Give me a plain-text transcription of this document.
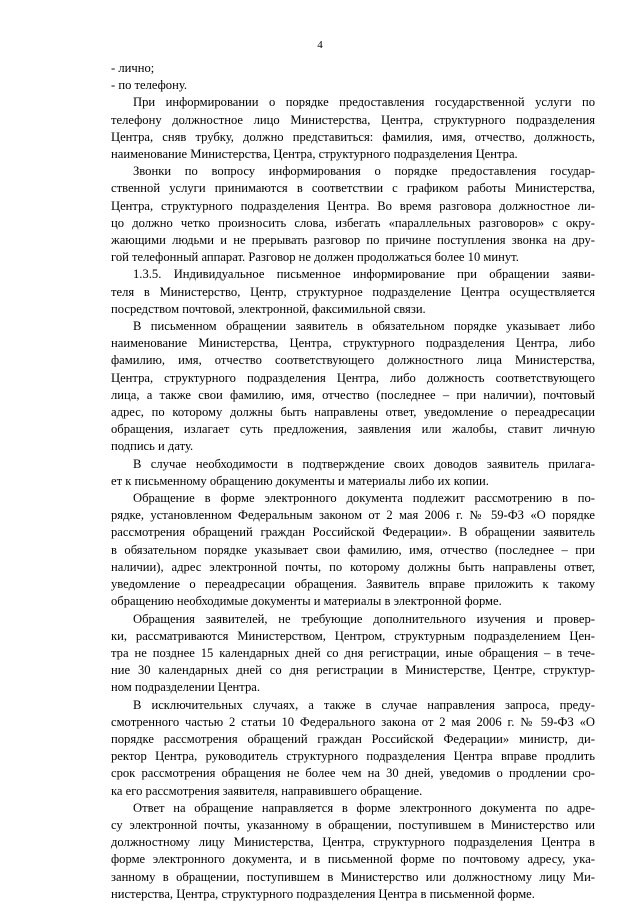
4

- лично;

- по телефону.

При информировании о порядке предоставления государственной услуги по
телефону должностное лицо Министерства, Центра, структурного подразделения
Центра, сняв трубку, должно представиться: фамилия, имя, отчество, должность,
наименование Министерства, Центра, структурного подразделения Центра.

Звонки по вопросу информирования о порядке предоставления государ-
ственной услуги принимаются в соответствии с графиком работы Министерства,
Центра, структурного подразделения Центра. Во время разговора должностное ли-
цо должно четко произносить слова, избегать «параллельных разговоров» с окру-
жающими людьми и не прерывать разговор по причине поступления звонка на дру-
гой телефонный аппарат. Разговор не должен продолжаться более 10 минут.

1.3.5. Индивидуальное письменное информирование при обращении заяви-
теля в Министерство, Центр, структурное подразделение Центра осуществляется
посредством почтовой, электронной, факсимильной связи.

В письменном обращении заявитель в обязательном порядке указывает либо
наименование Министерства, Центра, структурного подразделения Центра, либо
фамилию, имя, отчество соответствующего должностного лица Министерства,
Центра, структурного подразделения Центра, либо должность соответствующего
лица, а также свои фамилию, имя, отчество (последнее – при наличии), почтовый
адрес, по которому должны быть направлены ответ, уведомление о переадресации
обращения, излагает суть предложения, заявления или жалобы, ставит личную
подпись и дату.

В случае необходимости в подтверждение своих доводов заявитель прилага-
ет к письменному обращению документы и материалы либо их копии.

Обращение в форме электронного документа подлежит рассмотрению в по-
рядке, установленном Федеральным законом от 2 мая 2006 г. № 59-ФЗ «О порядке
рассмотрения обращений граждан Российской Федерации». В обращении заявитель
в обязательном порядке указывает свои фамилию, имя, отчество (последнее – при
наличии), адрес электронной почты, по которому должны быть направлены ответ,
уведомление о переадресации обращения. Заявитель вправе приложить к такому
обращению необходимые документы и материалы в электронной форме.

Обращения заявителей, не требующие дополнительного изучения и провер-
ки, рассматриваются Министерством, Центром, структурным подразделением Цен-
тра не позднее 15 календарных дней со дня регистрации, иные обращения – в тече-
ние 30 календарных дней со дня регистрации в Министерстве, Центре, структур-
ном подразделении Центра.

В исключительных случаях, а также в случае направления запроса, преду-
смотренного частью 2 статьи 10 Федерального закона от 2 мая 2006 г. № 59-ФЗ «О
порядке рассмотрения обращений граждан Российской Федерации» министр, ди-
ректор Центра, руководитель структурного подразделения Центра вправе продлить
срок рассмотрения обращения не более чем на 30 дней, уведомив о продлении сро-
ка его рассмотрения заявителя, направившего обращение.

Ответ на обращение направляется в форме электронного документа по адре-
су электронной почты, указанному в обращении, поступившем в Министерство или
должностному лицу Министерства, Центра, структурного подразделения Центра в
форме электронного документа, и в письменной форме по почтовому адресу, ука-
занному в обращении, поступившем в Министерство или должностному лицу Ми-
нистерства, Центра, структурного подразделения Центра в письменной форме.
